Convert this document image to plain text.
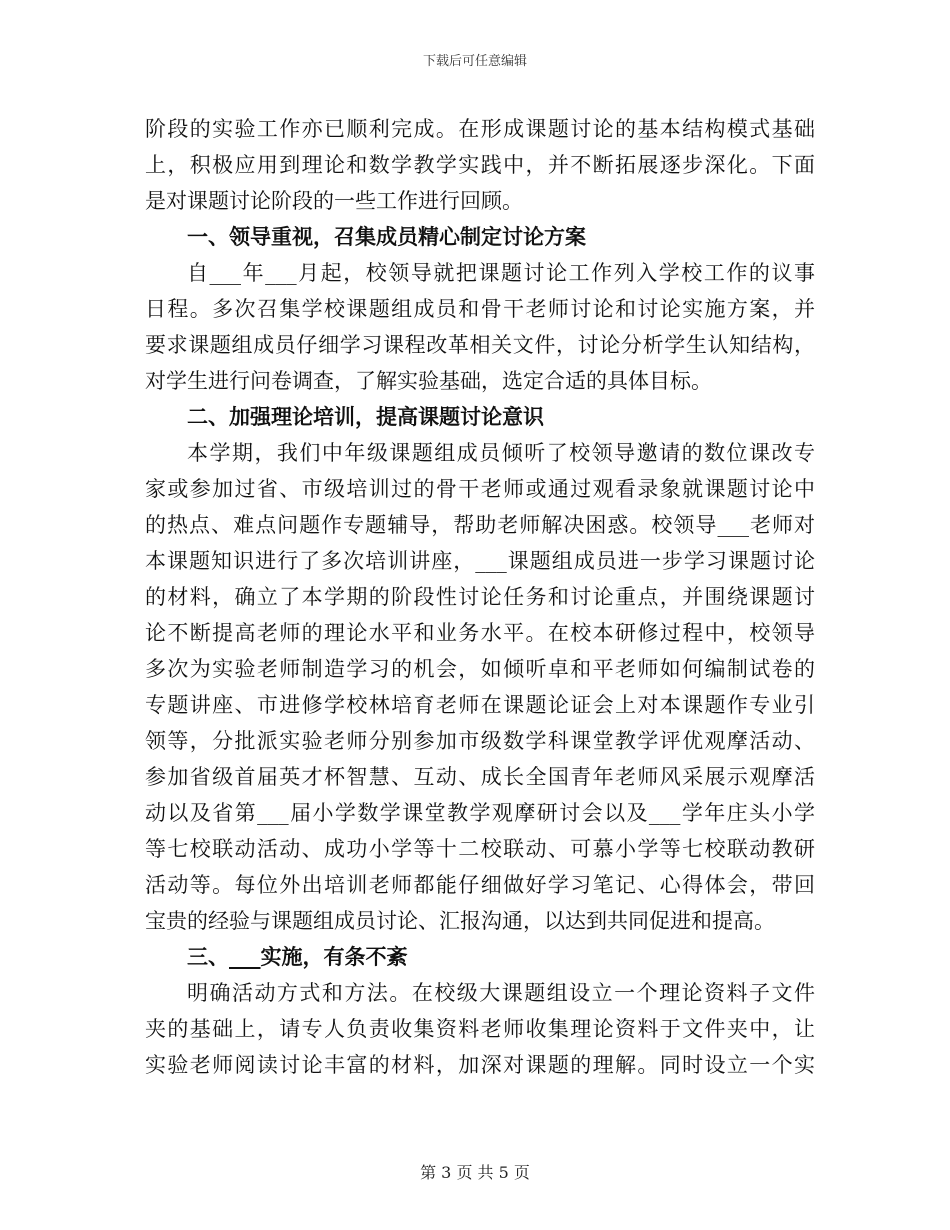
下载后可任意编辑
阶段的实验工作亦已顺利完成。在形成课题讨论的基本结构模式基础
上，积极应用到理论和数学教学实践中，并不断拓展逐步深化。下面
是对课题讨论阶段的一些工作进行回顾。
一、领导重视，召集成员精心制定讨论方案
自___年___月起，校领导就把课题讨论工作列入学校工作的议事
日程。多次召集学校课题组成员和骨干老师讨论和讨论实施方案，并
要求课题组成员仔细学习课程改革相关文件，讨论分析学生认知结构，
对学生进行问卷调查，了解实验基础，选定合适的具体目标。
二、加强理论培训，提高课题讨论意识
本学期，我们中年级课题组成员倾听了校领导邀请的数位课改专
家或参加过省、市级培训过的骨干老师或通过观看录象就课题讨论中
的热点、难点问题作专题辅导，帮助老师解决困惑。校领导___老师对
本课题知识进行了多次培训讲座，___课题组成员进一步学习课题讨论
的材料，确立了本学期的阶段性讨论任务和讨论重点，并围绕课题讨
论不断提高老师的理论水平和业务水平。在校本研修过程中，校领导
多次为实验老师制造学习的机会，如倾听卓和平老师如何编制试卷的
专题讲座、市进修学校林培育老师在课题论证会上对本课题作专业引
领等，分批派实验老师分别参加市级数学科课堂教学评优观摩活动、
参加省级首届英才杯智慧、互动、成长全国青年老师风采展示观摩活
动以及省第___届小学数学课堂教学观摩研讨会以及___学年庄头小学
等七校联动活动、成功小学等十二校联动、可慕小学等七校联动教研
活动等。每位外出培训老师都能仔细做好学习笔记、心得体会，带回
宝贵的经验与课题组成员讨论、汇报沟通，以达到共同促进和提高。
三、___实施，有条不紊
明确活动方式和方法。在校级大课题组设立一个理论资料子文件
夹的基础上，请专人负责收集资料老师收集理论资料于文件夹中，让
实验老师阅读讨论丰富的材料，加深对课题的理解。同时设立一个实
第 3 页 共 5 页
